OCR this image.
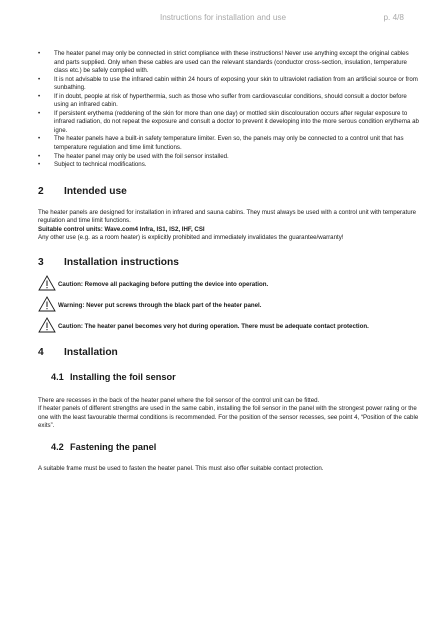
Instructions for installation and use	p. 4/8
• The heater panel may only be connected in strict compliance with these instructions! Never use anything except the original cables and parts supplied. Only when these cables are used can the relevant standards (conductor cross-section, insulation, temperature class etc.) be safely complied with.
• It is not advisable to use the infrared cabin within 24 hours of exposing your skin to ultraviolet radiation from an artificial source or from sunbathing.
• If in doubt, people at risk of hyperthermia, such as those who suffer from cardiovascular conditions, should consult a doctor before using an infrared cabin.
• If persistent erythema (reddening of the skin for more than one day) or mottled skin discolouration occurs after regular exposure to infrared radiation, do not repeat the exposure and consult a doctor to prevent it developing into the more serous condition erythema ab igne.
• The heater panels have a built-in safety temperature limiter. Even so, the panels may only be connected to a control unit that has temperature regulation and time limit functions.
• The heater panel may only be used with the foil sensor installed.
• Subject to technical modifications.
2	Intended use

The heater panels are designed for installation in infrared and sauna cabins. They must always be used with a control unit with temperature regulation and time limit functions.

Suitable control units: Wave.com4 Infra, IS1, IS2, IHF, CSI

Any other use (e.g. as a room heater) is explicitly prohibited and immediately invalidates the guarantee/warranty!

3	Installation instructions
Caution: Remove all packaging before putting the device into operation.
Warning: Never put screws through the black part of the heater panel.
Caution: The heater panel becomes very hot during operation. There must be adequate contact protection.
4	Installation
4.1 Installing the foil sensor

There are recesses in the back of the heater panel where the foil sensor of the control unit can be fitted.

If heater panels of different strengths are used in the same cabin, installing the foil sensor in the panel with the strongest power rating or the one with the least favourable thermal conditions is recommended. For the position of the sensor recesses, see point 4, “Position of the cable exits”.

4.2 Fastening the panel

A suitable frame must be used to fasten the heater panel. This must also offer suitable contact protection.
